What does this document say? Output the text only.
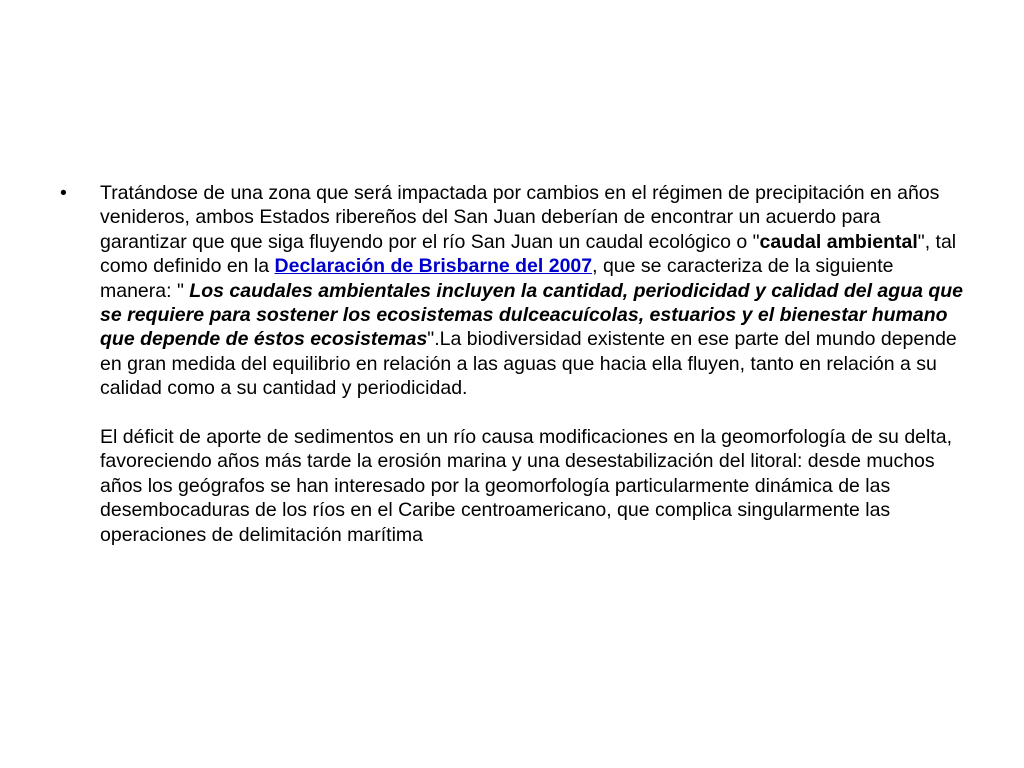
•	Tratándose de una zona que será impactada por cambios en el régimen de precipitación en años venideros, ambos Estados ribereños del San Juan deberían de encontrar un acuerdo para garantizar que que siga fluyendo por el río San Juan un caudal ecológico o "caudal ambiental", tal como definido en la Declaración de Brisbarne del 2007, que se caracteriza de la siguiente manera: " Los caudales ambientales incluyen la cantidad, periodicidad y calidad del agua que se requiere para sostener los ecosistemas dulceacuícolas, estuarios y el bienestar humano que depende de éstos ecosistemas".La biodiversidad existente en ese parte del mundo depende en gran medida del equilibrio en relación a las aguas que hacia ella fluyen, tanto en relación a su calidad como a su cantidad y periodicidad.

El déficit de aporte de sedimentos en un río causa modificaciones en la geomorfología de su delta, favoreciendo años más tarde la erosión marina y una desestabilización del litoral: desde muchos años los geógrafos se han interesado por la geomorfología particularmente dinámica de las desembocaduras de los ríos en el Caribe centroamericano, que complica singularmente las operaciones de delimitación marítima
